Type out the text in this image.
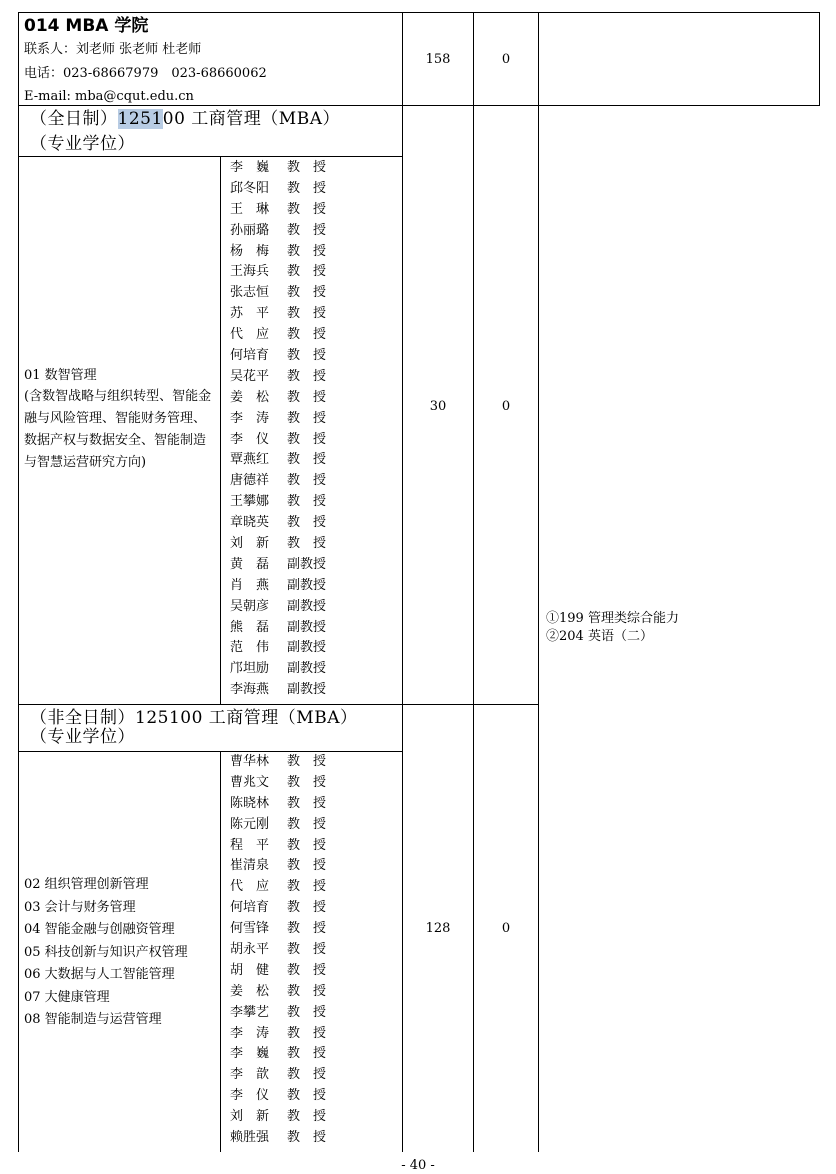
014 MBA 学院
联系人：刘老师 张老师 杜老师
电话：023-68667979　023-68660062
E-mail: mba@cqut.edu.cn
158	0
（全日制）125100 工商管理（MBA）
（专业学位）
30	0
01 数智管理
(含数智战略与组织转型、智能金融与风险管理、智能财务管理、数据产权与数据安全、智能制造与智慧运营研究方向)
李　巍	教　授
邱冬阳	教　授
王　琳	教　授
孙丽璐	教　授
杨　梅	教　授
王海兵	教　授
张志恒	教　授
苏　平	教　授
代　应	教　授
何培育	教　授
吴花平	教　授
姜　松	教　授
李　涛	教　授
李　仪	教　授
覃燕红	教　授
唐德祥	教　授
王攀娜	教　授
章晓英	教　授
刘　新	教　授
黄　磊	副教授
肖　燕	副教授
吴朝彦	副教授
熊　磊	副教授
范　伟	副教授
邝坦励	副教授
李海燕	副教授
①199 管理类综合能力
②204 英语（二）
（非全日制）125100 工商管理（MBA）
（专业学位）
128	0
02 组织管理创新管理
03 会计与财务管理
04 智能金融与创融资管理
05 科技创新与知识产权管理
06 大数据与人工智能管理
07 大健康管理
08 智能制造与运营管理
曹华林	教　授
曹兆文	教　授
陈晓林	教　授
陈元刚	教　授
程　平	教　授
崔清泉	教　授
代　应	教　授
何培育	教　授
何雪锋	教　授
胡永平	教　授
胡　健	教　授
姜　松	教　授
李攀艺	教　授
李　涛	教　授
李　巍	教　授
李　歆	教　授
李　仪	教　授
刘　新	教　授
赖胜强	教　授
- 40 -
